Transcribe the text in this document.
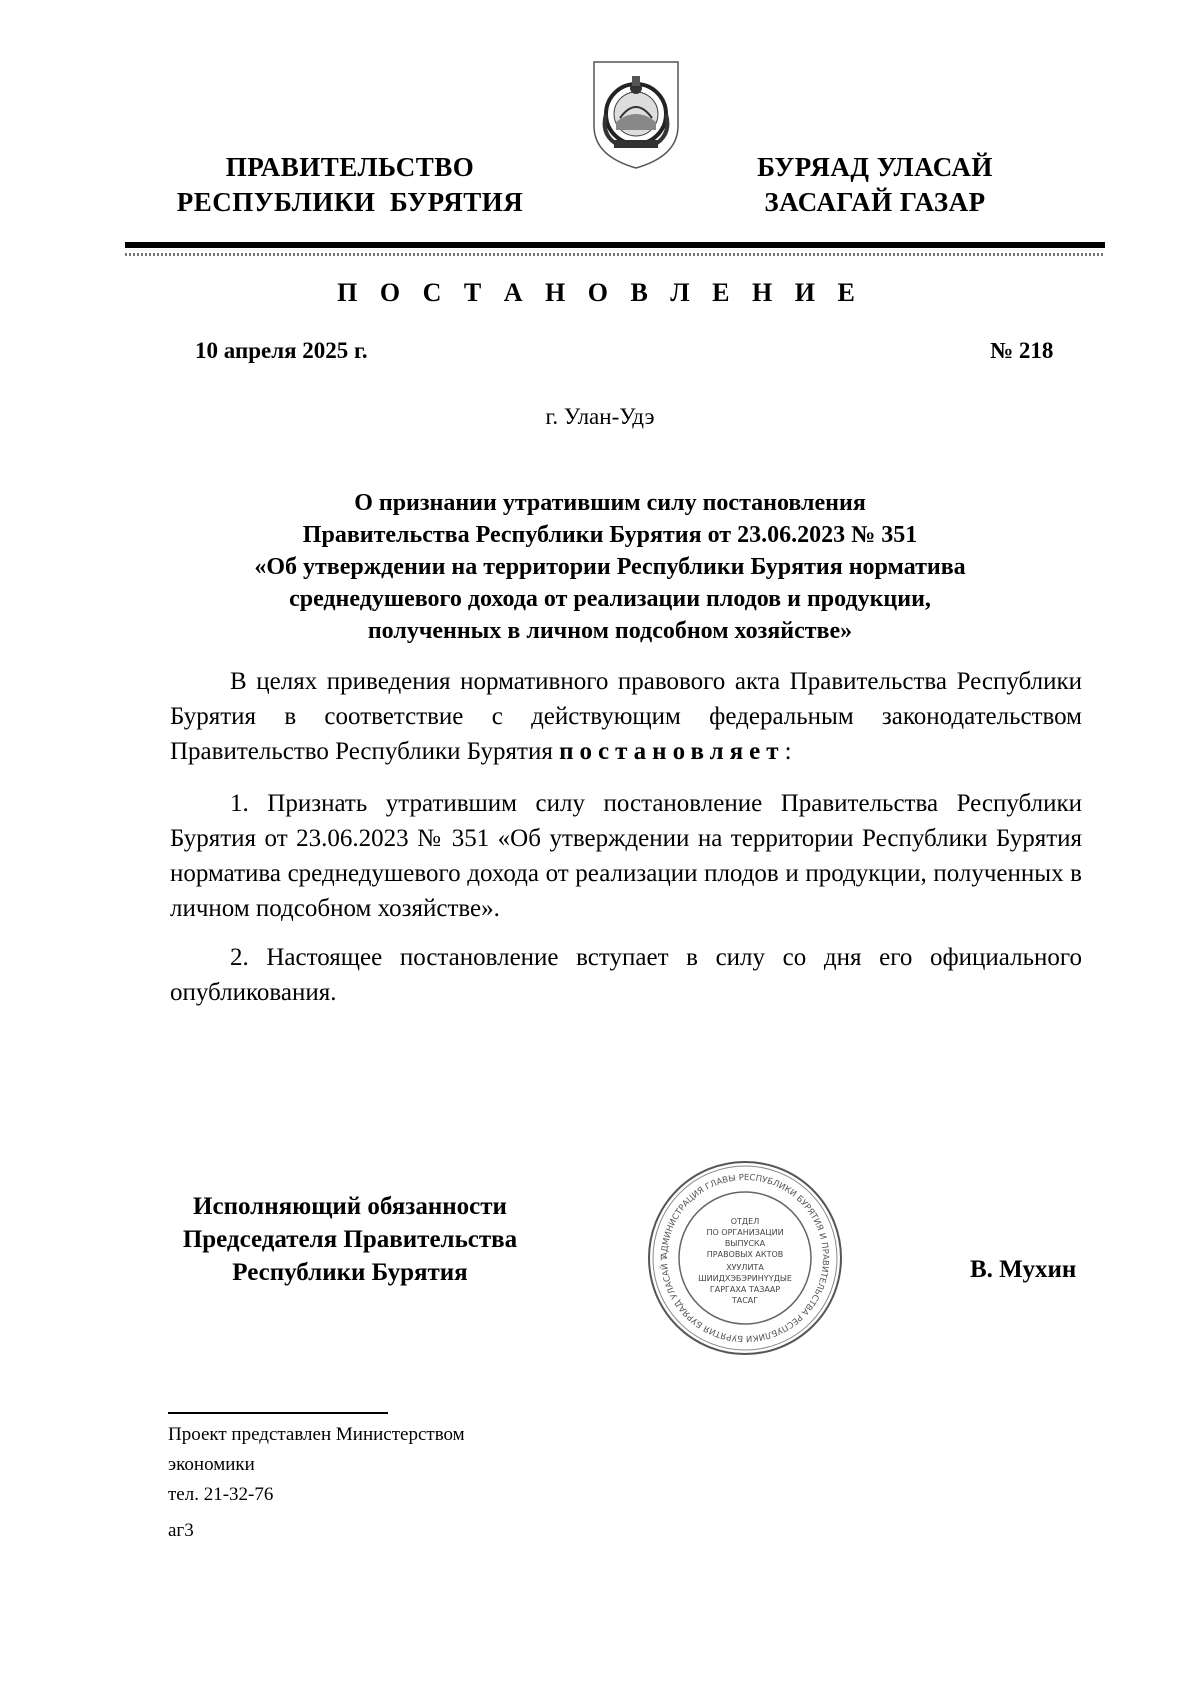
ПРАВИТЕЛЬСТВО
РЕСПУБЛИКИ  БУРЯТИЯ
БУРЯАД УЛАСАЙ
ЗАСАГАЙ ГАЗАР
П О С Т А Н О В Л Е Н И Е
10 апреля 2025 г.	№ 218
г. Улан-Удэ
О признании утратившим силу постановления
Правительства Республики Бурятия от 23.06.2023 № 351
«Об утверждении на территории Республики Бурятия норматива
среднедушевого дохода от реализации плодов и продукции,
полученных в личном подсобном хозяйстве»
В целях приведения нормативного правового акта Правительства Республики Бурятия в соответствие с действующим федеральным законодательством Правительство Республики Бурятия постановляет:
1. Признать утратившим силу постановление Правительства Республики Бурятия от 23.06.2023 № 351 «Об утверждении на территории Республики Бурятия норматива среднедушевого дохода от реализации плодов и продукции, полученных в личном подсобном хозяйстве».
2. Настоящее постановление вступает в силу со дня его официального опубликования.
Исполняющий обязанности
Председателя Правительства
Республики Бурятия	В. Мухин
АДМИНИСТРАЦИЯ ГЛАВЫ РЕСПУБЛИКИ БУРЯТИЯ И ПРАВИТЕЛЬСТВА РЕСПУБЛИКИ БУРЯТИЯ БУРЯАД УЛАСАЙ Т
ОТДЕЛ
ПО ОРГАНИЗАЦИИ
ВЫПУСКА
ПРАВОВЫХ АКТОВ
ХУУЛИТА
ШИИДХЭБЭРИНҮҮДЫЕ
ГАРГАХА ТАЗААР
ТАСАГ
Проект представлен Министерством
экономики
тел. 21-32-76
аг3
